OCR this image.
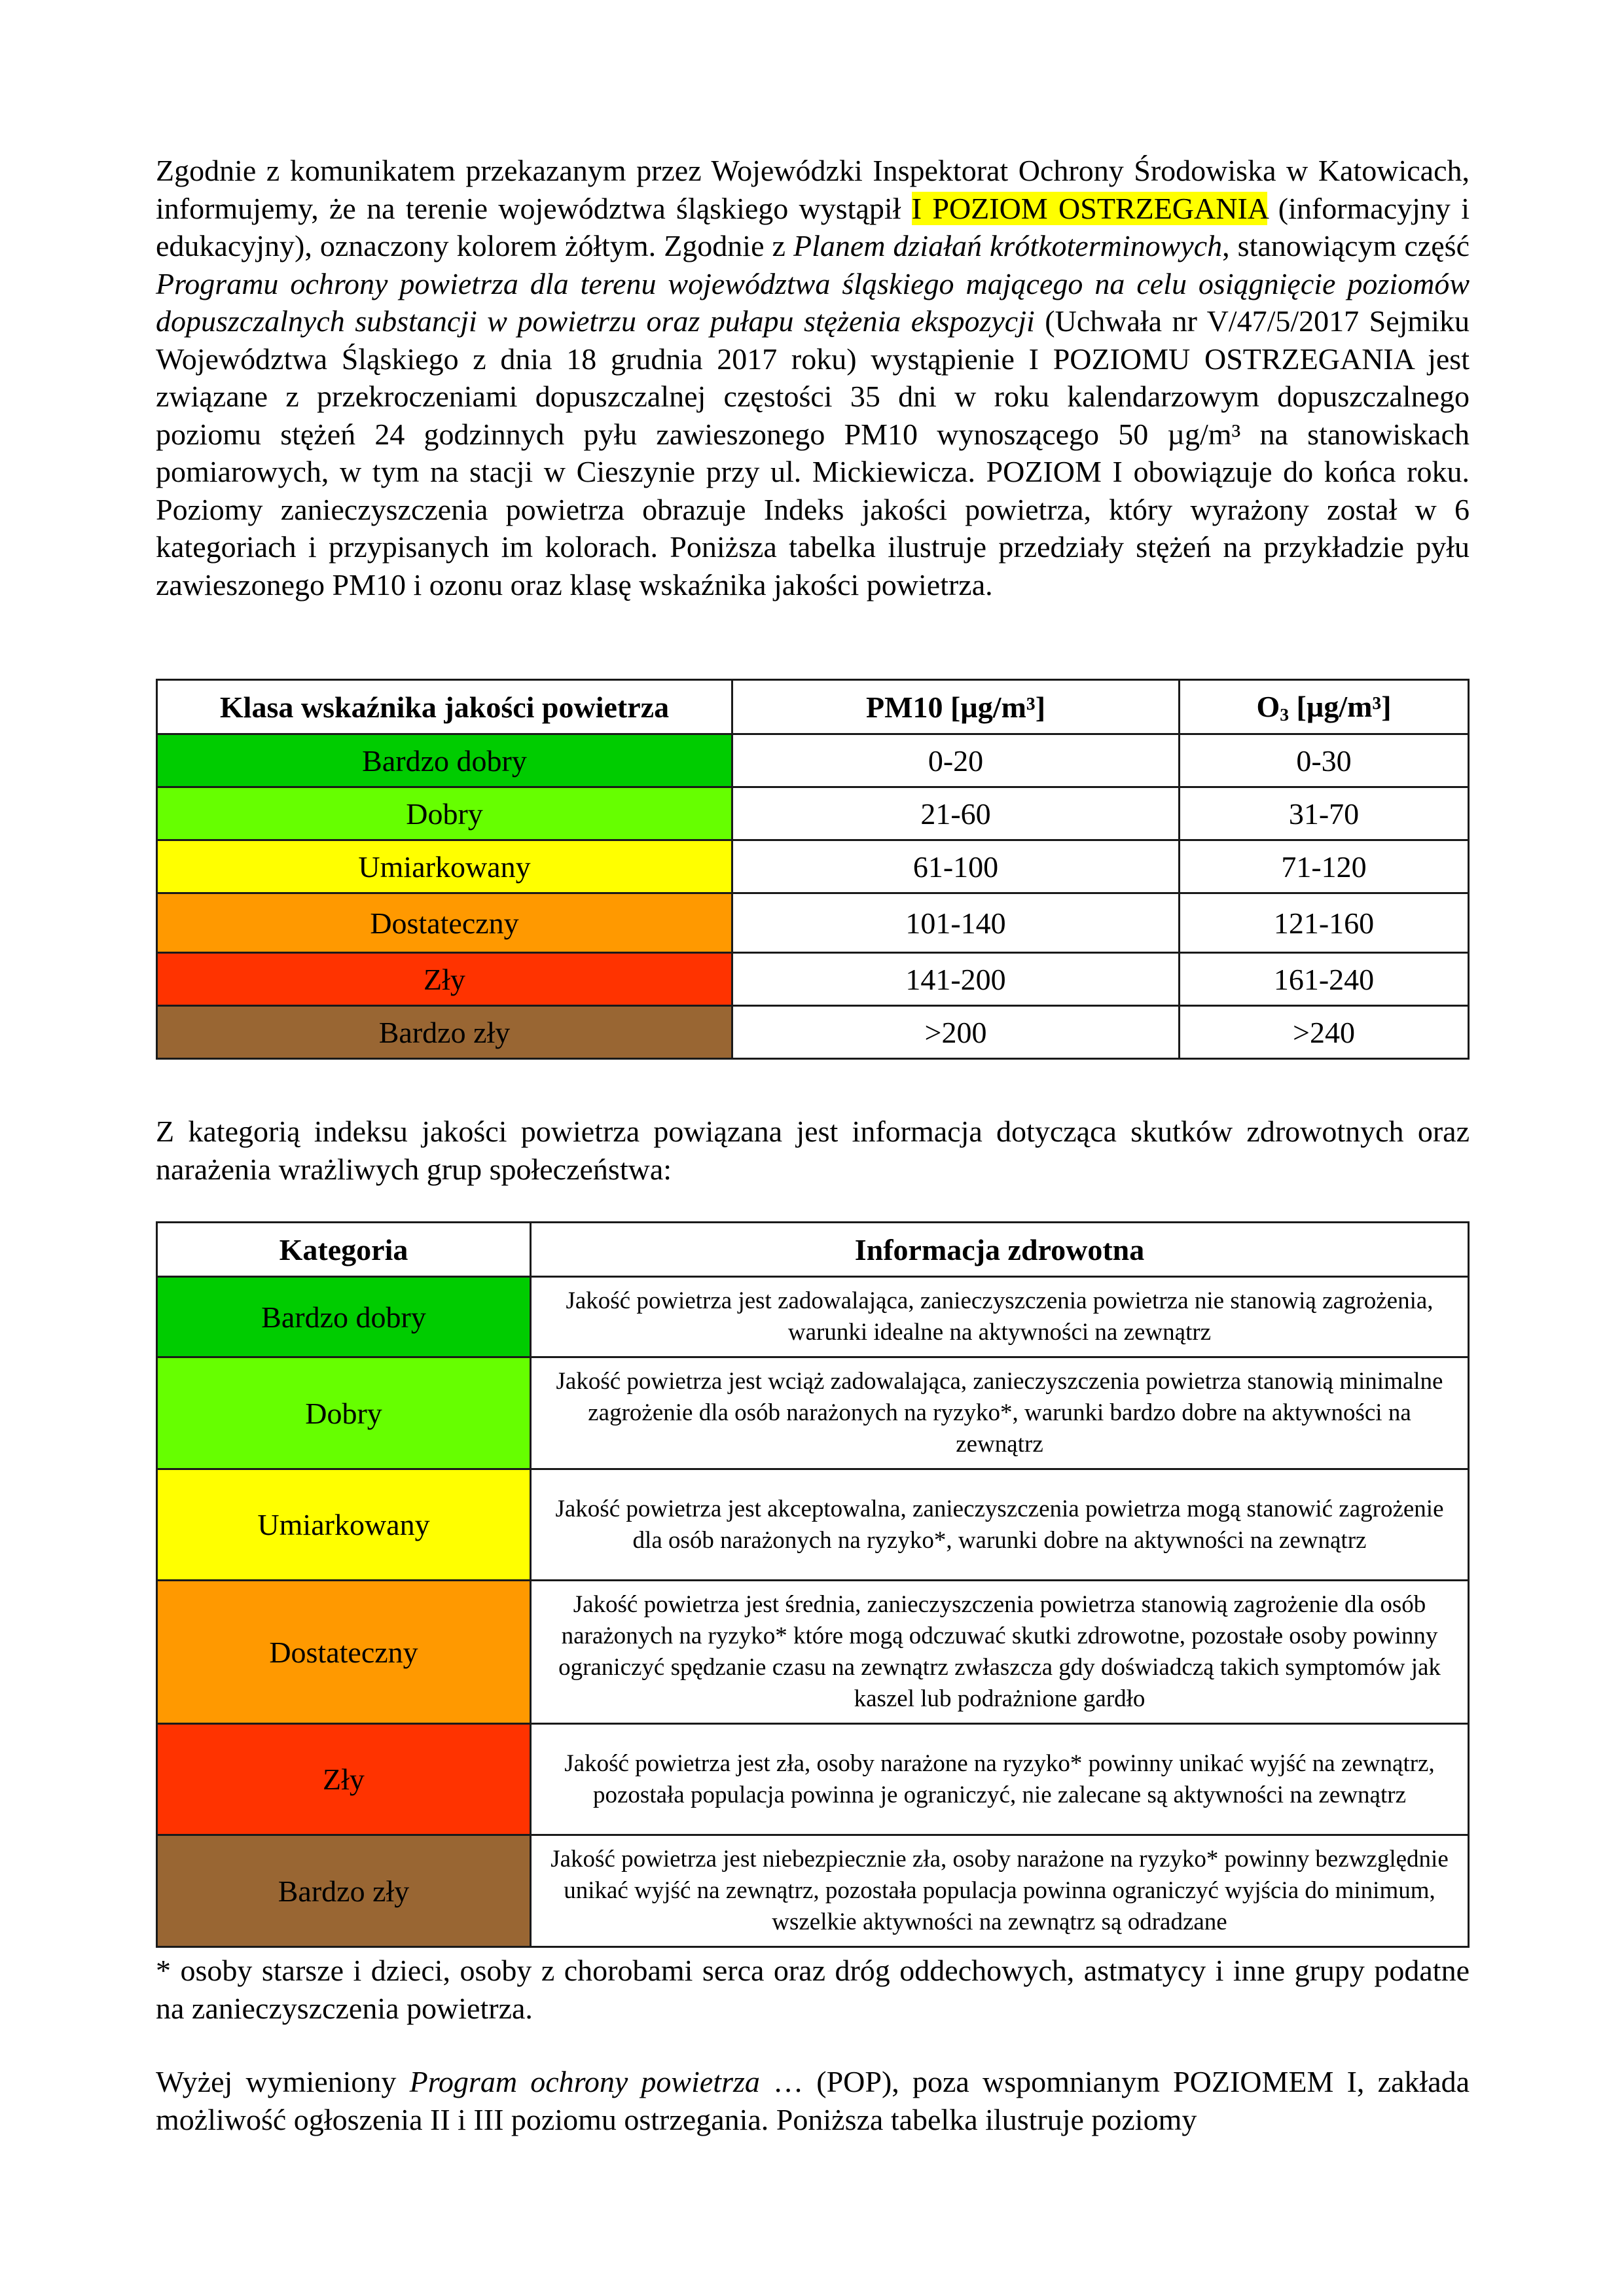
Zgodnie z komunikatem przekazanym przez Wojewódzki Inspektorat Ochrony Środowiska w Katowicach, informujemy, że na terenie województwa śląskiego wystąpił I POZIOM OSTRZEGANIA (informacyjny i edukacyjny), oznaczony kolorem żółtym. Zgodnie z Planem działań krótkoterminowych, stanowiącym część Programu ochrony powietrza dla terenu województwa śląskiego mającego na celu osiągnięcie poziomów dopuszczalnych substancji w powietrzu oraz pułapu stężenia ekspozycji (Uchwała nr V/47/5/2017 Sejmiku Województwa Śląskiego z dnia 18 grudnia 2017 roku) wystąpienie I POZIOMU OSTRZEGANIA jest związane z przekroczeniami dopuszczalnej częstości 35 dni w roku kalendarzowym dopuszczalnego poziomu stężeń 24 godzinnych pyłu zawieszonego PM10 wynoszącego 50 µg/m³ na stanowiskach pomiarowych, w tym na stacji w Cieszynie przy ul. Mickiewicza. POZIOM I obowiązuje do końca roku. Poziomy zanieczyszczenia powietrza obrazuje Indeks jakości powietrza, który wyrażony został w 6 kategoriach i przypisanych im kolorach. Poniższa tabelka ilustruje przedziały stężeń na przykładzie pyłu zawieszonego PM10 i ozonu oraz klasę wskaźnika jakości powietrza.

Klasa wskaźnika jakości powietrza	PM10 [µg/m³]	$O_3$ [µg/m³]
Bardzo dobry	0-20	0-30
Dobry	21-60	31-70
Umiarkowany	61-100	71-120
Dostateczny	101-140	121-160
Zły	141-200	161-240
Bardzo zły	>200	>240

Z kategorią indeksu jakości powietrza powiązana jest informacja dotycząca skutków zdrowotnych oraz narażenia wrażliwych grup społeczeństwa:

Kategoria	Informacja zdrowotna
Bardzo dobry	Jakość powietrza jest zadowalająca, zanieczyszczenia powietrza nie stanowią zagrożenia, warunki idealne na aktywności na zewnątrz
Dobry	Jakość powietrza jest wciąż zadowalająca, zanieczyszczenia powietrza stanowią minimalne zagrożenie dla osób narażonych na ryzyko*, warunki bardzo dobre na aktywności na zewnątrz
Umiarkowany	Jakość powietrza jest akceptowalna, zanieczyszczenia powietrza mogą stanowić zagrożenie dla osób narażonych na ryzyko*, warunki dobre na aktywności na zewnątrz
Dostateczny	Jakość powietrza jest średnia, zanieczyszczenia powietrza stanowią zagrożenie dla osób narażonych na ryzyko* które mogą odczuwać skutki zdrowotne, pozostałe osoby powinny ograniczyć spędzanie czasu na zewnątrz zwłaszcza gdy doświadczą takich symptomów jak kaszel lub podrażnione gardło
Zły	Jakość powietrza jest zła, osoby narażone na ryzyko* powinny unikać wyjść na zewnątrz, pozostała populacja powinna je ograniczyć, nie zalecane są aktywności na zewnątrz
Bardzo zły	Jakość powietrza jest niebezpiecznie zła, osoby narażone na ryzyko* powinny bezwzględnie unikać wyjść na zewnątrz, pozostała populacja powinna ograniczyć wyjścia do minimum, wszelkie aktywności na zewnątrz są odradzane

* osoby starsze i dzieci, osoby z chorobami serca oraz dróg oddechowych, astmatycy i inne grupy podatne na zanieczyszczenia powietrza.

Wyżej wymieniony Program ochrony powietrza … (POP), poza wspomnianym POZIOMEM I, zakłada możliwość ogłoszenia II i III poziomu ostrzegania. Poniższa tabelka ilustruje poziomy
